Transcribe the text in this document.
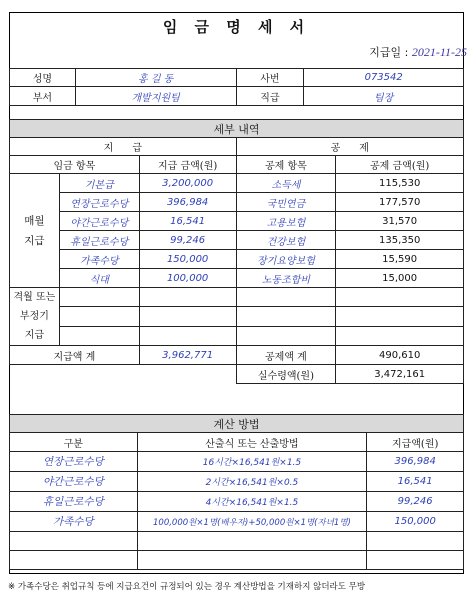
임 금 명 세 서
지급일 : 2021-11-25
성명	홍 길 동	사번	073542
부서	개발지원팀	직급	팀장
세부 내역				
지      급			공      제	
임금 항목		지급 금액(원)	공제 항목	공제 금액(원)
매월
지급	기본급	3,200,000	소득세	115,530
	연장근로수당	396,984	국민연금	177,570
	야간근로수당	16,541	고용보험	31,570
	휴일근로수당	99,246	건강보험	135,350
	가족수당	150,000	장기요양보험	15,590
	식대	100,000	노동조합비	15,000
격월 또는
부정기
지급				

지급액 계		3,962,771	공제액 계	490,610
			실수령액(원)	3,472,161
계산 방법		
구분	산출식 또는 산출방법	지급액(원)
연장근로수당	16시간×16,541원×1.5	396,984
야간근로수당	2시간×16,541원×0.5	16,541
휴일근로수당	4시간×16,541원×1.5	99,246
가족수당	100,000원×1명(배우자)+50,000원×1명(자녀1명)	150,000

※ 가족수당은 취업규칙 등에 지급요건이 규정되어 있는 경우 계산방법을 기재하지 않더라도 무방
